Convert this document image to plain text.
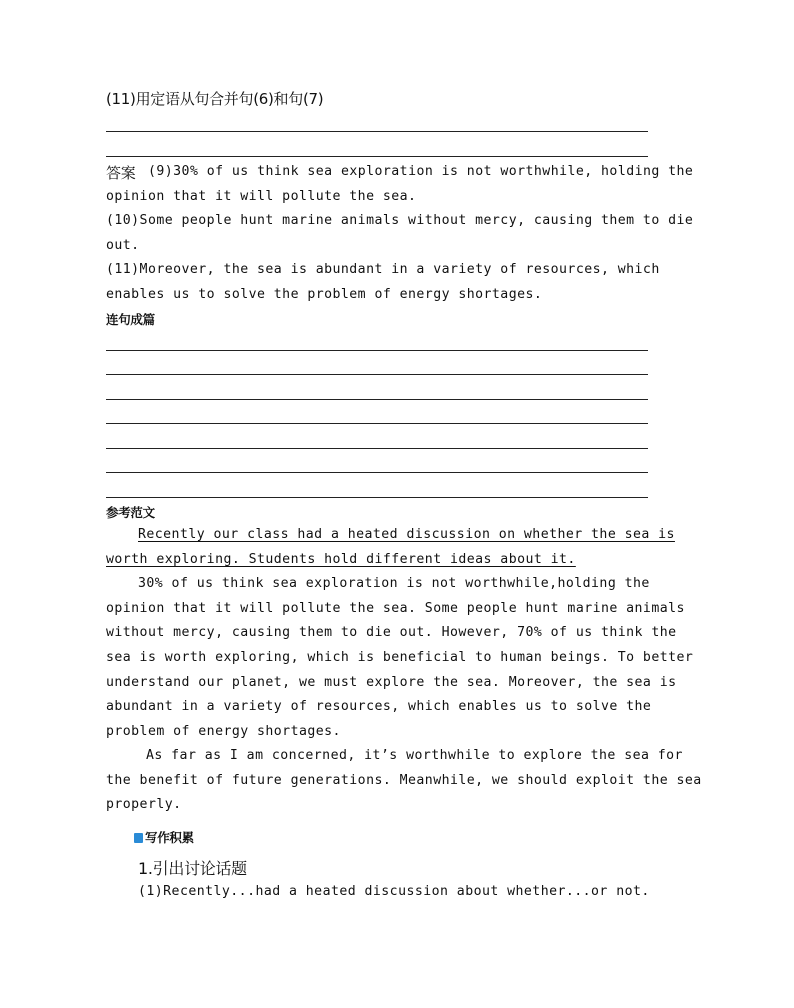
(11)用定语从句合并句(6)和句(7)
答案 (9)30% of us think sea exploration is not worthwhile, holding the
opinion that it will pollute the sea.
(10)Some people hunt marine animals without mercy, causing them to die
out.
(11)Moreover, the sea is abundant in a variety of resources, which
enables us to solve the problem of energy shortages.
连句成篇
参考范文
Recently our class had a heated discussion on whether the sea is
worth exploring. Students hold different ideas about it.
30% of us think sea exploration is not worthwhile,holding the
opinion that it will pollute the sea. Some people hunt marine animals
without mercy, causing them to die out. However, 70% of us think the
sea is worth exploring, which is beneficial to human beings. To better
understand our planet, we must explore the sea. Moreover, the sea is
abundant in a variety of resources, which enables us to solve the
problem of energy shortages.
As far as I am concerned, it’s worthwhile to explore the sea for
the benefit of future generations. Meanwhile, we should exploit the sea
properly.
写作积累
1.引出讨论话题
(1)Recently...had a heated discussion about whether...or not.
